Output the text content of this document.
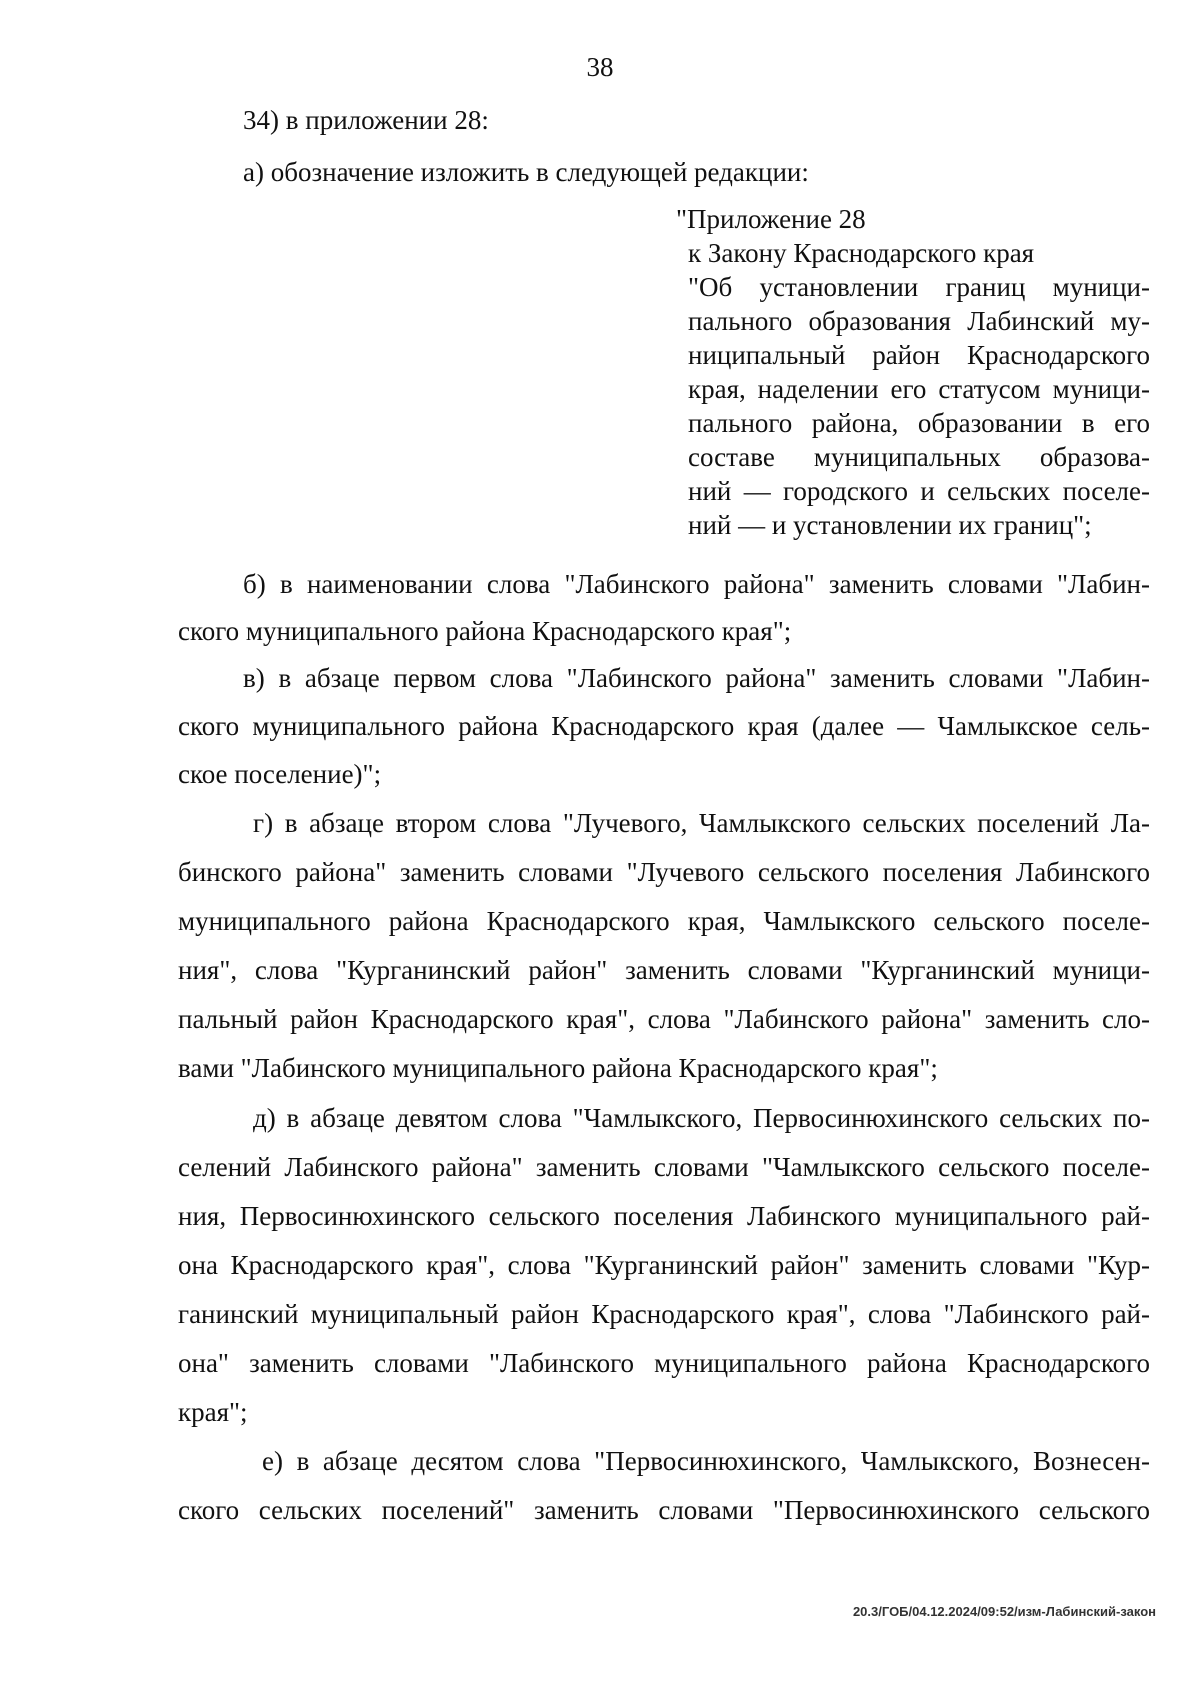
38
34) в приложении 28:
а) обозначение изложить в следующей редакции:
"Приложение 28
к Закону Краснодарского края
"Об установлении границ муници-
пального образования Лабинский му-
ниципальный район Краснодарского
края, наделении его статусом муници-
пального района, образовании в его
составе муниципальных образова-
ний — городского и сельских поселе-
ний — и установлении их границ";
б) в наименовании слова "Лабинского района" заменить словами "Лабин-
ского муниципального района Краснодарского края";
в) в абзаце первом слова "Лабинского района" заменить словами "Лабин-
ского муниципального района Краснодарского края (далее — Чамлыкское сель-
ское поселение)";
г) в абзаце втором слова "Лучевого, Чамлыкского сельских поселений Ла-
бинского района" заменить словами "Лучевого сельского поселения Лабинского
муниципального района Краснодарского края, Чамлыкского сельского поселе-
ния", слова "Курганинский район" заменить словами "Курганинский муници-
пальный район Краснодарского края", слова "Лабинского района" заменить сло-
вами "Лабинского муниципального района Краснодарского края";
д) в абзаце девятом слова "Чамлыкского, Первосинюхинского сельских по-
селений Лабинского района" заменить словами "Чамлыкского сельского поселе-
ния, Первосинюхинского сельского поселения Лабинского муниципального рай-
она Краснодарского края", слова "Курганинский район" заменить словами "Кур-
ганинский муниципальный район Краснодарского края", слова "Лабинского рай-
она" заменить словами "Лабинского муниципального района Краснодарского
края";
е) в абзаце десятом слова "Первосинюхинского, Чамлыкского, Вознесен-
ского сельских поселений" заменить словами "Первосинюхинского сельского
20.3/ГОБ/04.12.2024/09:52/изм-Лабинский-закон
